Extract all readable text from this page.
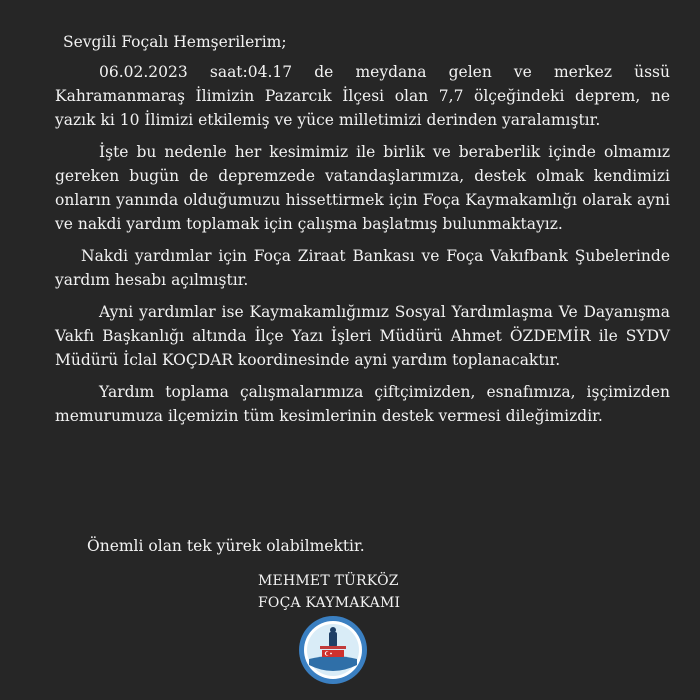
Sevgili Foçalı Hemşerilerim;

06.02.2023 saat:04.17 de meydana gelen ve merkez üssü Kahramanmaraş İlimizin Pazarcık İlçesi olan 7,7 ölçeğindeki deprem, ne yazık ki 10 İlimizi etkilemiş ve yüce milletimizi derinden yaralamıştır.

İşte bu nedenle her kesimimiz ile birlik ve beraberlik içinde olmamız gereken bugün de depremzede vatandaşlarımıza, destek olmak kendimizi onların yanında olduğumuzu hissettirmek için Foça Kaymakamlığı olarak ayni ve nakdi yardım toplamak için çalışma başlatmış bulunmaktayız.

Nakdi yardımlar için Foça Ziraat Bankası ve Foça Vakıfbank Şubelerinde yardım hesabı açılmıştır.

Ayni yardımlar ise Kaymakamlığımız Sosyal Yardımlaşma Ve Dayanışma Vakfı Başkanlığı altında İlçe Yazı İşleri Müdürü Ahmet ÖZDEMİR ile SYDV Müdürü İclal KOÇDAR koordinesinde ayni yardım toplanacaktır.

Yardım toplama çalışmalarımıza çiftçimizden, esnafımıza, işçimizden memurumuza ilçemizin tüm kesimlerinin destek vermesi dileğimizdir.

Önemli olan tek yürek olabilmektir.
MEHMET TÜRKÖZ
FOÇA KAYMAKAMI
